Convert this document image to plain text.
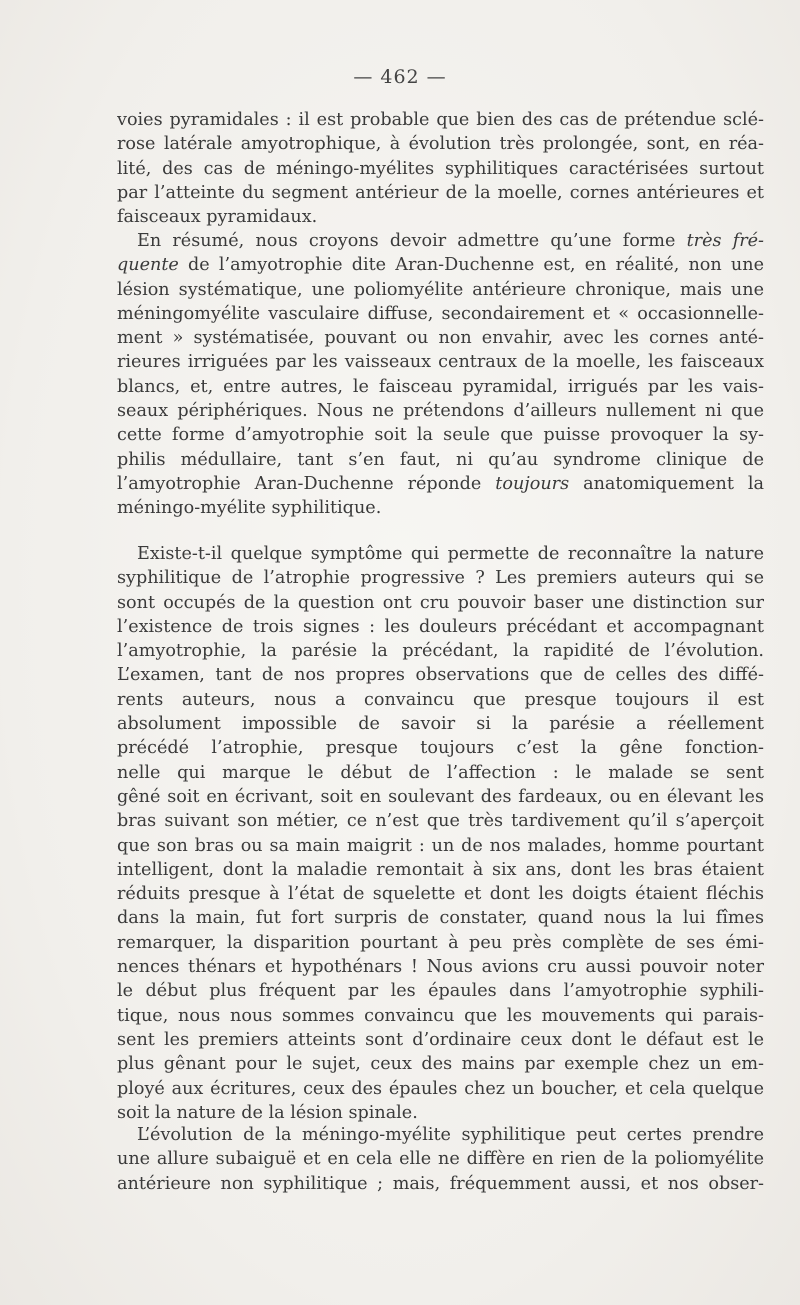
— 462 —
voies pyramidales : il est probable que bien des cas de prétendue sclé-
rose latérale amyotrophique, à évolution très prolongée, sont, en réa-
lité, des cas de méningo-myélites syphilitiques caractérisées surtout
par l’atteinte du segment antérieur de la moelle, cornes antérieures et
faisceaux pyramidaux.
En résumé, nous croyons devoir admettre qu’une forme très fré-
quente de l’amyotrophie dite Aran-Duchenne est, en réalité, non une
lésion systématique, une poliomyélite antérieure chronique, mais une
méningomyélite vasculaire diffuse, secondairement et « occasionnelle-
ment » systématisée, pouvant ou non envahir, avec les cornes anté-
rieures irriguées par les vaisseaux centraux de la moelle, les faisceaux
blancs, et, entre autres, le faisceau pyramidal, irrigués par les vais-
seaux périphériques. Nous ne prétendons d’ailleurs nullement ni que
cette forme d’amyotrophie soit la seule que puisse provoquer la sy-
philis médullaire, tant s’en faut, ni qu’au syndrome clinique de
l’amyotrophie Aran-Duchenne réponde toujours anatomiquement la
méningo-myélite syphilitique.
Existe-t-il quelque symptôme qui permette de reconnaître la nature
syphilitique de l’atrophie progressive ? Les premiers auteurs qui se
sont occupés de la question ont cru pouvoir baser une distinction sur
l’existence de trois signes : les douleurs précédant et accompagnant
l’amyotrophie, la parésie la précédant, la rapidité de l’évolution.
L’examen, tant de nos propres observations que de celles des diffé-
rents auteurs, nous a convaincu que presque toujours il est
absolument impossible de savoir si la parésie a réellement
précédé l’atrophie, presque toujours c’est la gêne fonction-
nelle qui marque le début de l’affection : le malade se sent
gêné soit en écrivant, soit en soulevant des fardeaux, ou en élevant les
bras suivant son métier, ce n’est que très tardivement qu’il s’aperçoit
que son bras ou sa main maigrit : un de nos malades, homme pourtant
intelligent, dont la maladie remontait à six ans, dont les bras étaient
réduits presque à l’état de squelette et dont les doigts étaient fléchis
dans la main, fut fort surpris de constater, quand nous la lui fîmes
remarquer, la disparition pourtant à peu près complète de ses émi-
nences thénars et hypothénars ! Nous avions cru aussi pouvoir noter
le début plus fréquent par les épaules dans l’amyotrophie syphili-
tique, nous nous sommes convaincu que les mouvements qui parais-
sent les premiers atteints sont d’ordinaire ceux dont le défaut est le
plus gênant pour le sujet, ceux des mains par exemple chez un em-
ployé aux écritures, ceux des épaules chez un boucher, et cela quelque
soit la nature de la lésion spinale.
L’évolution de la méningo-myélite syphilitique peut certes prendre
une allure subaiguë et en cela elle ne diffère en rien de la poliomyélite
antérieure non syphilitique ; mais, fréquemment aussi, et nos obser-
